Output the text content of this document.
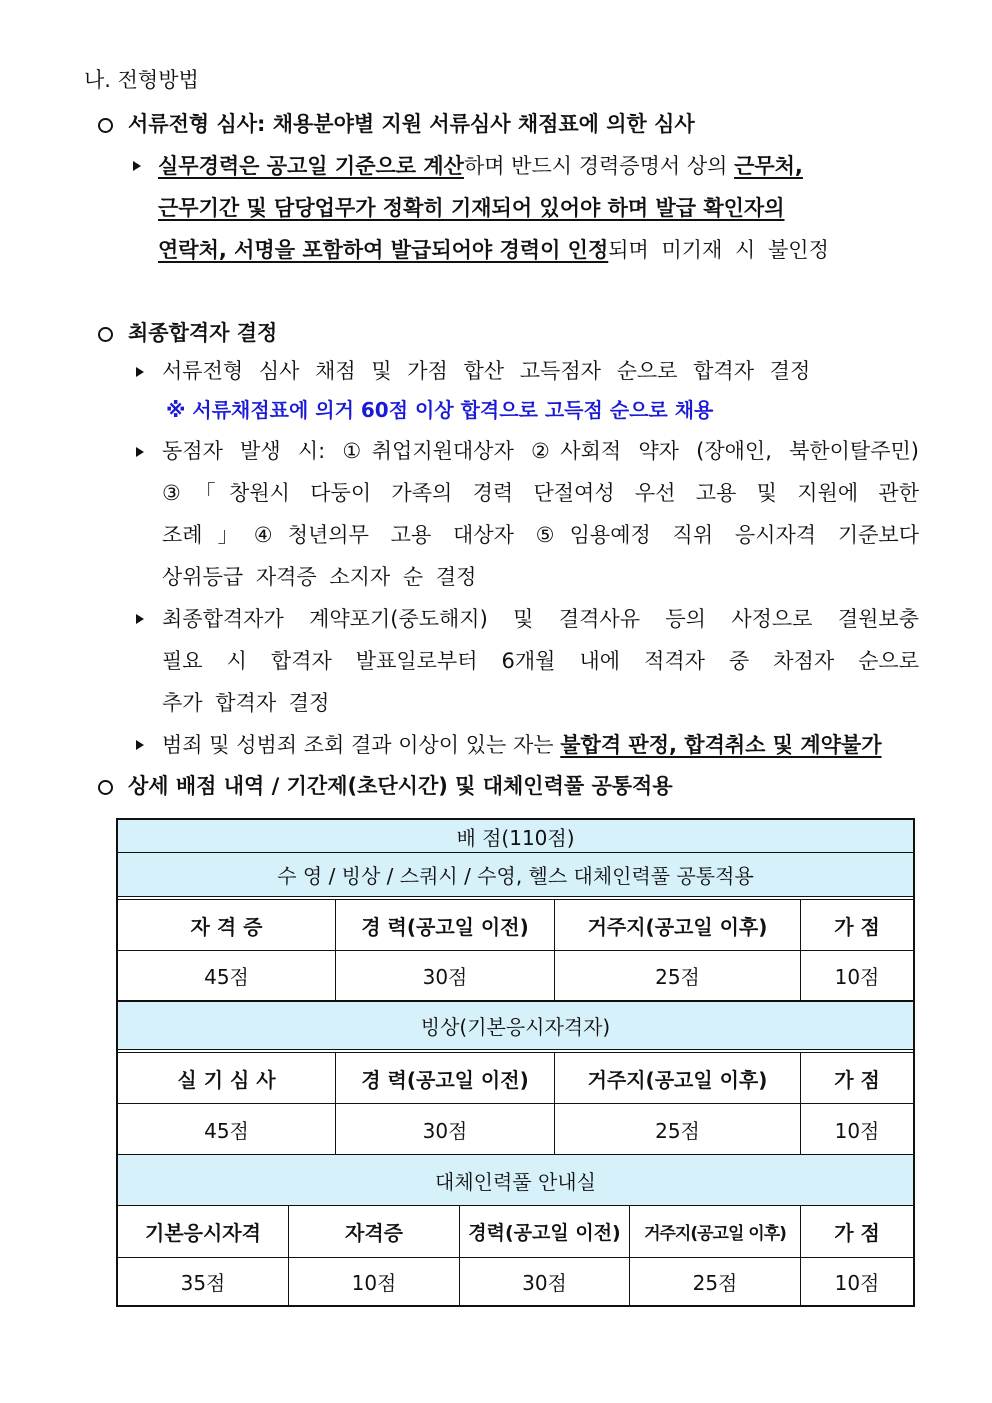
나. 전형방법
서류전형 심사: 채용분야별 지원 서류심사 채점표에 의한 심사
실무경력은 공고일 기준으로 계산하며 반드시 경력증명서 상의 근무처,
근무기간 및 담당업무가 정확히 기재되어 있어야 하며 발급 확인자의
연락처, 서명을 포함하여 발급되어야 경력이 인정되며 미기재 시 불인정
최종합격자 결정
서류전형 심사 채점 및 가점 합산 고득점자 순으로 합격자 결정
※ 서류채점표에 의거 60점 이상 합격으로 고득점 순으로 채용
동점자 발생 시: ①취업지원대상자 ②사회적 약자 (장애인, 북한이탈주민)
③「창원시 다둥이 가족의 경력 단절여성 우선 고용 및 지원에 관한
조례」④청년의무 고용 대상자 ⑤임용예정 직위 응시자격 기준보다
상위등급 자격증 소지자 순 결정
최종합격자가 계약포기(중도해지) 및 결격사유 등의 사정으로 결원보충
필요 시 합격자 발표일로부터 6개월 내에 적격자 중 차점자 순으로
추가 합격자 결정
범죄 및 성범죄 조회 결과 이상이 있는 자는 불합격 판정, 합격취소 및 계약불가
상세 배점 내역 / 기간제(초단시간) 및 대체인력풀 공통적용
배 점(110점)
수 영 / 빙상 / 스쿼시 / 수영, 헬스 대체인력풀 공통적용
자 격 증	경 력(공고일 이전)	거주지(공고일 이후)	가 점
45점	30점	25점	10점
빙상(기본응시자격자)
실 기 심 사	경 력(공고일 이전)	거주지(공고일 이후)	가 점
45점	30점	25점	10점
대체인력풀 안내실
기본응시자격	자격증	경력(공고일 이전)	거주지(공고일 이후)	가 점
35점	10점	30점	25점	10점
